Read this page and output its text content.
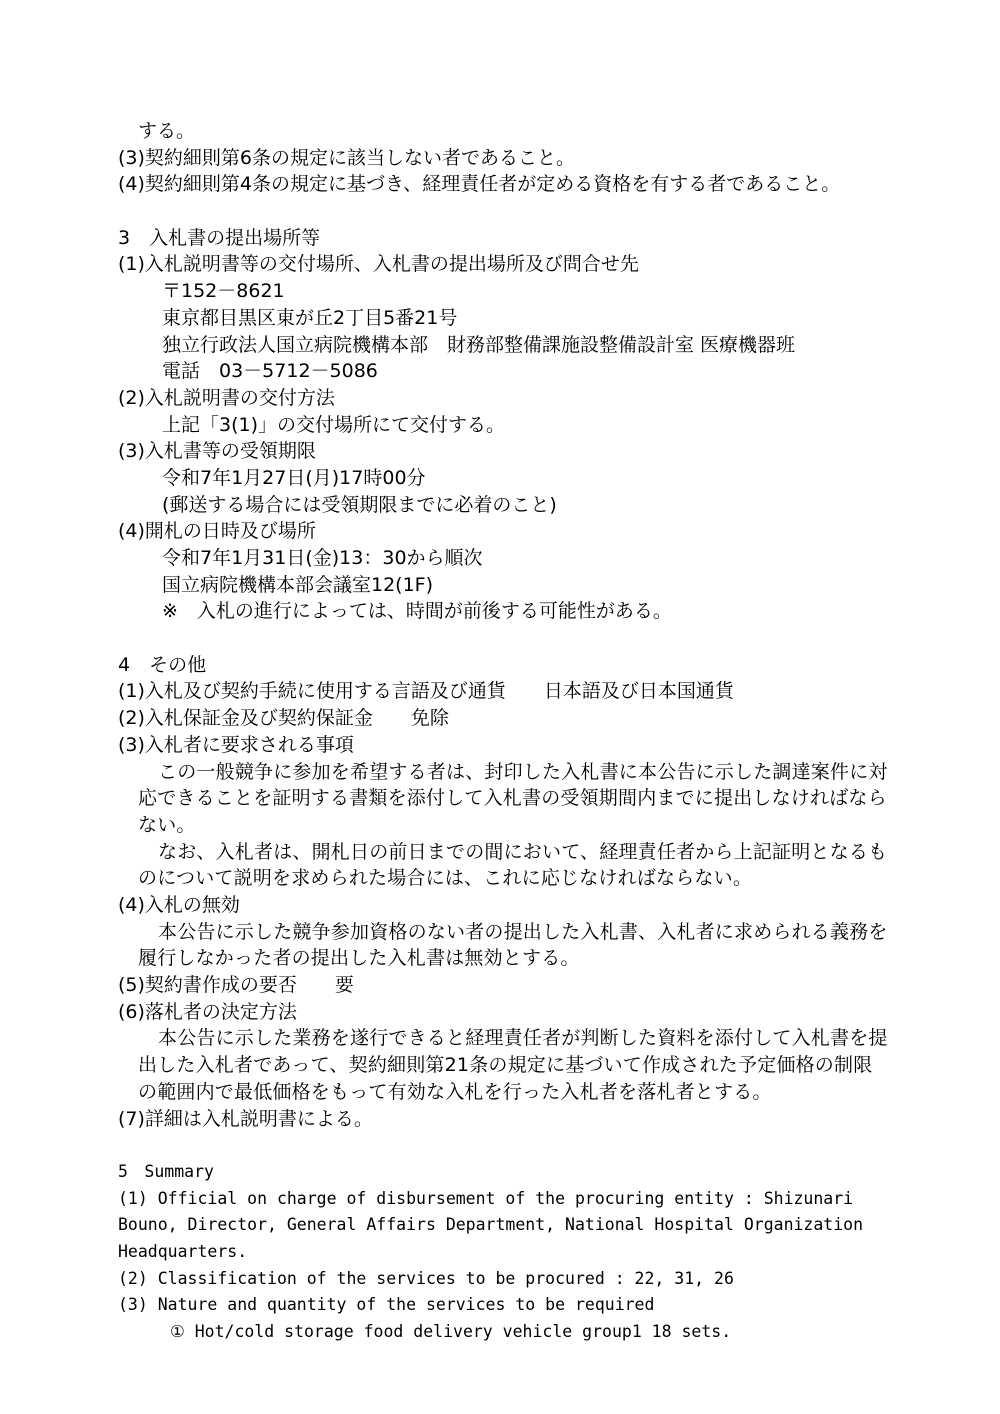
する。
(3)契約細則第6条の規定に該当しない者であること。
(4)契約細則第4条の規定に基づき、経理責任者が定める資格を有する者であること。
3　入札書の提出場所等
(1)入札説明書等の交付場所、入札書の提出場所及び問合せ先
〒152－8621
東京都目黒区東が丘2丁目5番21号
独立行政法人国立病院機構本部　財務部整備課施設整備設計室 医療機器班
電話　03－5712－5086
(2)入札説明書の交付方法
上記「3(1)」の交付場所にて交付する。
(3)入札書等の受領期限
令和7年1月27日(月)17時00分
(郵送する場合には受領期限までに必着のこと)
(4)開札の日時及び場所
令和7年1月31日(金)13：30から順次
国立病院機構本部会議室12(1F)
※　入札の進行によっては、時間が前後する可能性がある。
4　その他
(1)入札及び契約手続に使用する言語及び通貨　　日本語及び日本国通貨
(2)入札保証金及び契約保証金　　免除
(3)入札者に要求される事項
この一般競争に参加を希望する者は、封印した入札書に本公告に示した調達案件に対応できることを証明する書類を添付して入札書の受領期間内までに提出しなければならない。
なお、入札者は、開札日の前日までの間において、経理責任者から上記証明となるものについて説明を求められた場合には、これに応じなければならない。
(4)入札の無効
本公告に示した競争参加資格のない者の提出した入札書、入札者に求められる義務を履行しなかった者の提出した入札書は無効とする。
(5)契約書作成の要否　　要
(6)落札者の決定方法
本公告に示した業務を遂行できると経理責任者が判断した資料を添付して入札書を提出した入札者であって、契約細則第21条の規定に基づいて作成された予定価格の制限の範囲内で最低価格をもって有効な入札を行った入札者を落札者とする。
(7)詳細は入札説明書による。
5　Summary
(1) Official on charge of disbursement of the procuring entity : Shizunari Bouno, Director, General Affairs Department, National Hospital Organization Headquarters.
(2) Classification of the services to be procured : 22, 31, 26
(3) Nature and quantity of the services to be required
① Hot/cold storage food delivery vehicle group1 18 sets.
